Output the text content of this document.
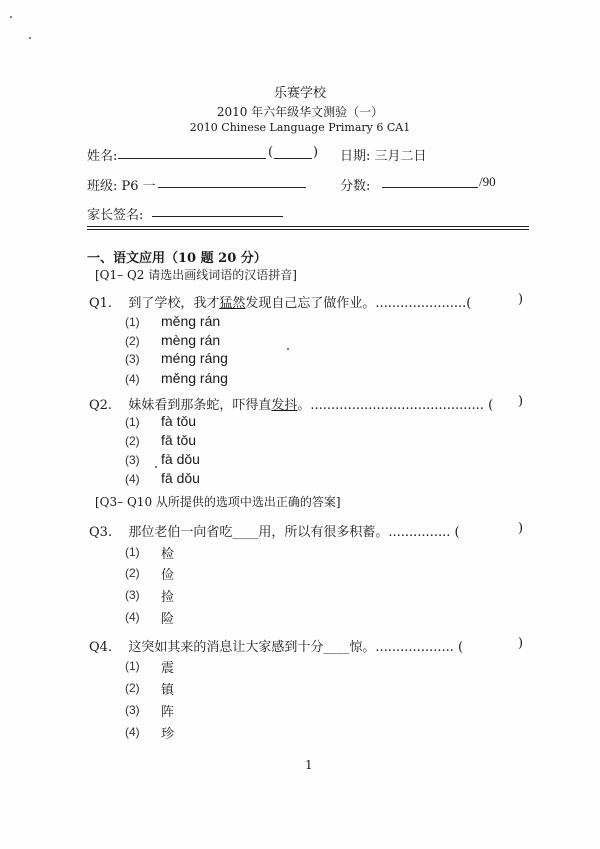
乐赛学校
2010 年六年级华文测验（一）
2010 Chinese Language Primary 6 CA1
姓名:	(	) 日期: 三月二日
班级: P6 一	分数:	/90
家长签名:
一、语文应用（10 题 20 分）
[Q1– Q2 请选出画线词语的汉语拼音]
Q1. 到了学校，我才猛然发现自己忘了做作业。......................(	)
(1) měng rán
(2) mèng rán
(3) méng ráng
(4) měng ráng
Q2. 妹妹看到那条蛇，吓得直发抖。.......................................... ( )
(1) fà tǒu
(2) fā tǒu
(3) fà dǒu
(4) fā dǒu
[Q3– Q10 从所提供的选项中选出正确的答案]
Q3. 那位老伯一向省吃____用，所以有很多积蓄。............... (	)
(1) 检
(2) 俭
(3) 捡
(4) 险
Q4. 这突如其来的消息让大家感到十分____惊。................... (	)
(1) 震
(2) 镇
(3) 阵
(4) 珍
1
